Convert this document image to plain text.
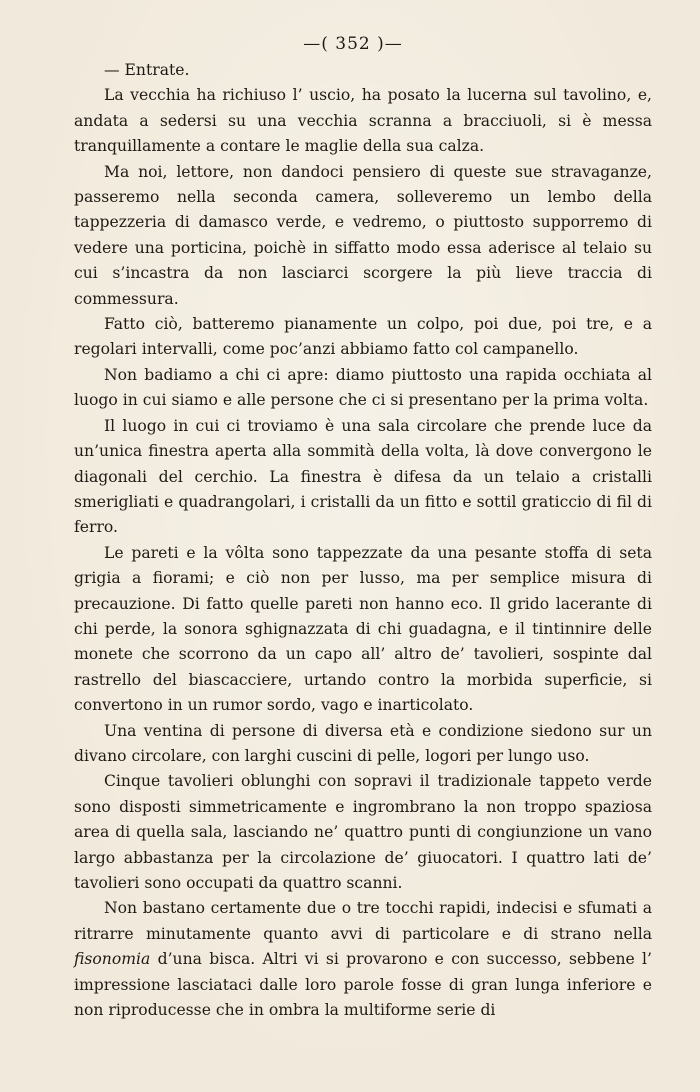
—( 352 )—

— Entrate.

La vecchia ha richiuso l’ uscio, ha posato la lucerna sul tavolino, e, andata a sedersi su una vecchia scranna a bracciuoli, si è messa tranquillamente a contare le maglie della sua calza.

Ma noi, lettore, non dandoci pensiero di queste sue stravaganze, passeremo nella seconda camera, solleveremo un lembo della tappezzeria di damasco verde, e vedremo, o piuttosto supporremo di vedere una porticina, poichè in siffatto modo essa aderisce al telaio su cui s’incastra da non lasciarci scorgere la più lieve traccia di commessura.

Fatto ciò, batteremo pianamente un colpo, poi due, poi tre, e a regolari intervalli, come poc’anzi abbiamo fatto col campanello.

Non badiamo a chi ci apre: diamo piuttosto una rapida occhiata al luogo in cui siamo e alle persone che ci si presentano per la prima volta.

Il luogo in cui ci troviamo è una sala circolare che prende luce da un’unica finestra aperta alla sommità della volta, là dove convergono le diagonali del cerchio. La finestra è difesa da un telaio a cristalli smerigliati e quadrangolari, i cristalli da un fitto e sottil graticcio di fil di ferro.

Le pareti e la vôlta sono tappezzate da una pesante stoffa di seta grigia a fiorami; e ciò non per lusso, ma per semplice misura di precauzione. Di fatto quelle pareti non hanno eco. Il grido lacerante di chi perde, la sonora sghignazzata di chi guadagna, e il tintinnire delle monete che scorrono da un capo all’ altro de’ tavolieri, sospinte dal rastrello del biascacciere, urtando contro la morbida superficie, si convertono in un rumor sordo, vago e inarticolato.

Una ventina di persone di diversa età e condizione siedono sur un divano circolare, con larghi cuscini di pelle, logori per lungo uso.

Cinque tavolieri oblunghi con sopravi il tradizionale tappeto verde sono disposti simmetricamente e ingrombrano la non troppo spaziosa area di quella sala, lasciando ne’ quattro punti di congiunzione un vano largo abbastanza per la circolazione de’ giuocatori. I quattro lati de’ tavolieri sono occupati da quattro scanni.

Non bastano certamente due o tre tocchi rapidi, indecisi e sfumati a ritrarre minutamente quanto avvi di particolare e di strano nella fisonomia d’una bisca. Altri vi si provarono e con successo, sebbene l’ impressione lasciataci dalle loro parole fosse di gran lunga inferiore e non riproducesse che in ombra la multiforme serie di
